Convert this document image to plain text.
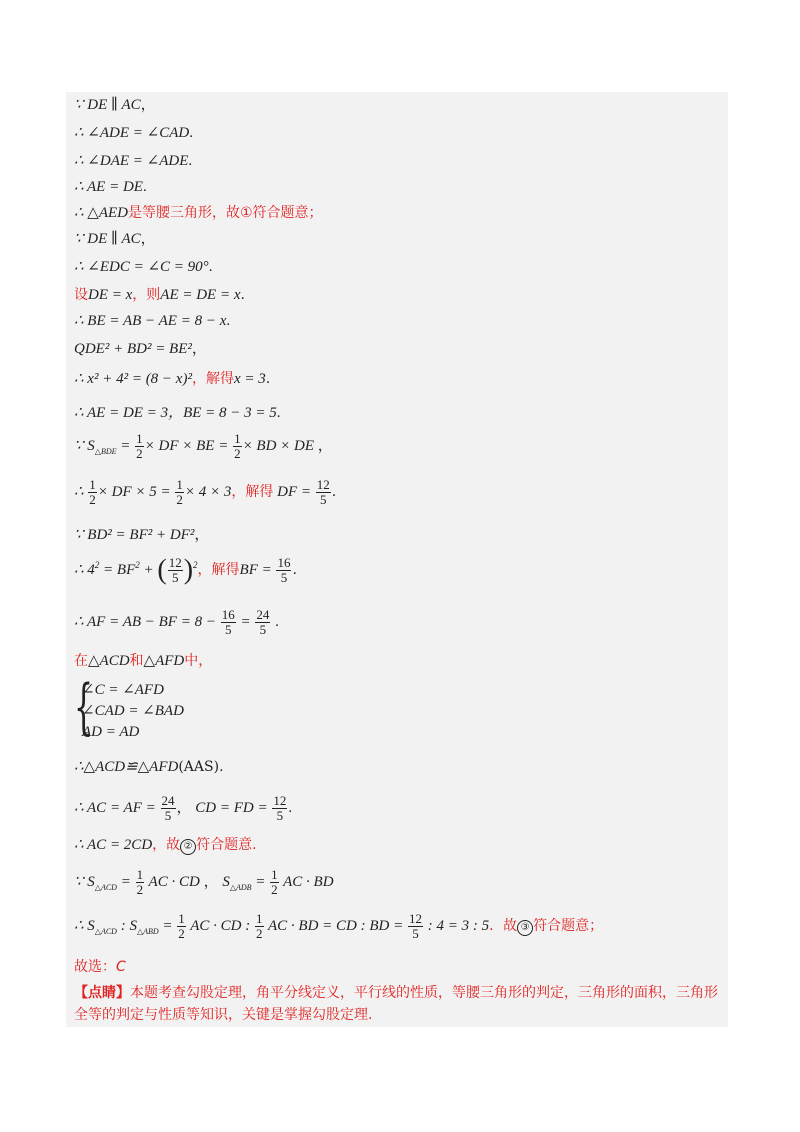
∵ DE ∥ AC，
∴ ∠ADE = ∠CAD.
∴ ∠DAE = ∠ADE.
∴ AE = DE.
∴ △AED是等腰三角形，故①符合题意；
∵ DE ∥ AC，
∴ ∠EDC = ∠C = 90°.
设DE = x，则AE = DE = x.
∴ BE = AB − AE = 8 − x.
QDE² + BD² = BE²，
∴ x² + 4² = (8 − x)²，解得x = 3.
∴ AE = DE = 3，BE = 8 − 3 = 5.
∵ $S_{\triangle BDE} = \frac{1}{2}$ × DF × BE = $\frac{1}{2}$ × BD × DE ，
∴ $\frac{1}{2}$ × DF × $5 = \frac{1}{2} \times 4 \times 3$，解得 DF = $\frac{12}{5}$ .
∵ BD² = BF² + DF²，
∴ $4^2 = BF^2$ + ( $\frac{12}{5} )^2$，解得BF = $\frac{16}{5}$ .
∴ AF = AB − BF = $8 - \frac{16}{5} = \frac{24}{5}$ .
在△ACD和△AFD中，
{
∠C = ∠AFD
∠CAD = ∠BAD
AD = AD
∴△ACD≌△AFD(AAS).
∴ AC = AF = $\frac{24}{5}$ ， CD = FD = $\frac{12}{5}$ .
∴ AC = 2CD，故 ② 符合题意.
∵ $S_{\triangle ACD} = \frac{1}{2}$ AC · CD ， $S_{\triangle ADB} = \frac{1}{2}$ AC · BD
∴ $S_{\triangle ACD}$ : $S_{\triangle ABD} = \frac{1}{2}$ AC · CD : $\frac{1}{2}$ AC · BD = CD : BD = $\frac{12}{5}$ : 4 = 3 : 5．故 ③ 符合题意；
故选：C
【点睛】本题考查勾股定理，角平分线定义，平行线的性质，等腰三角形的判定，三角形的面积，三角形
全等的判定与性质等知识，关键是掌握勾股定理.
